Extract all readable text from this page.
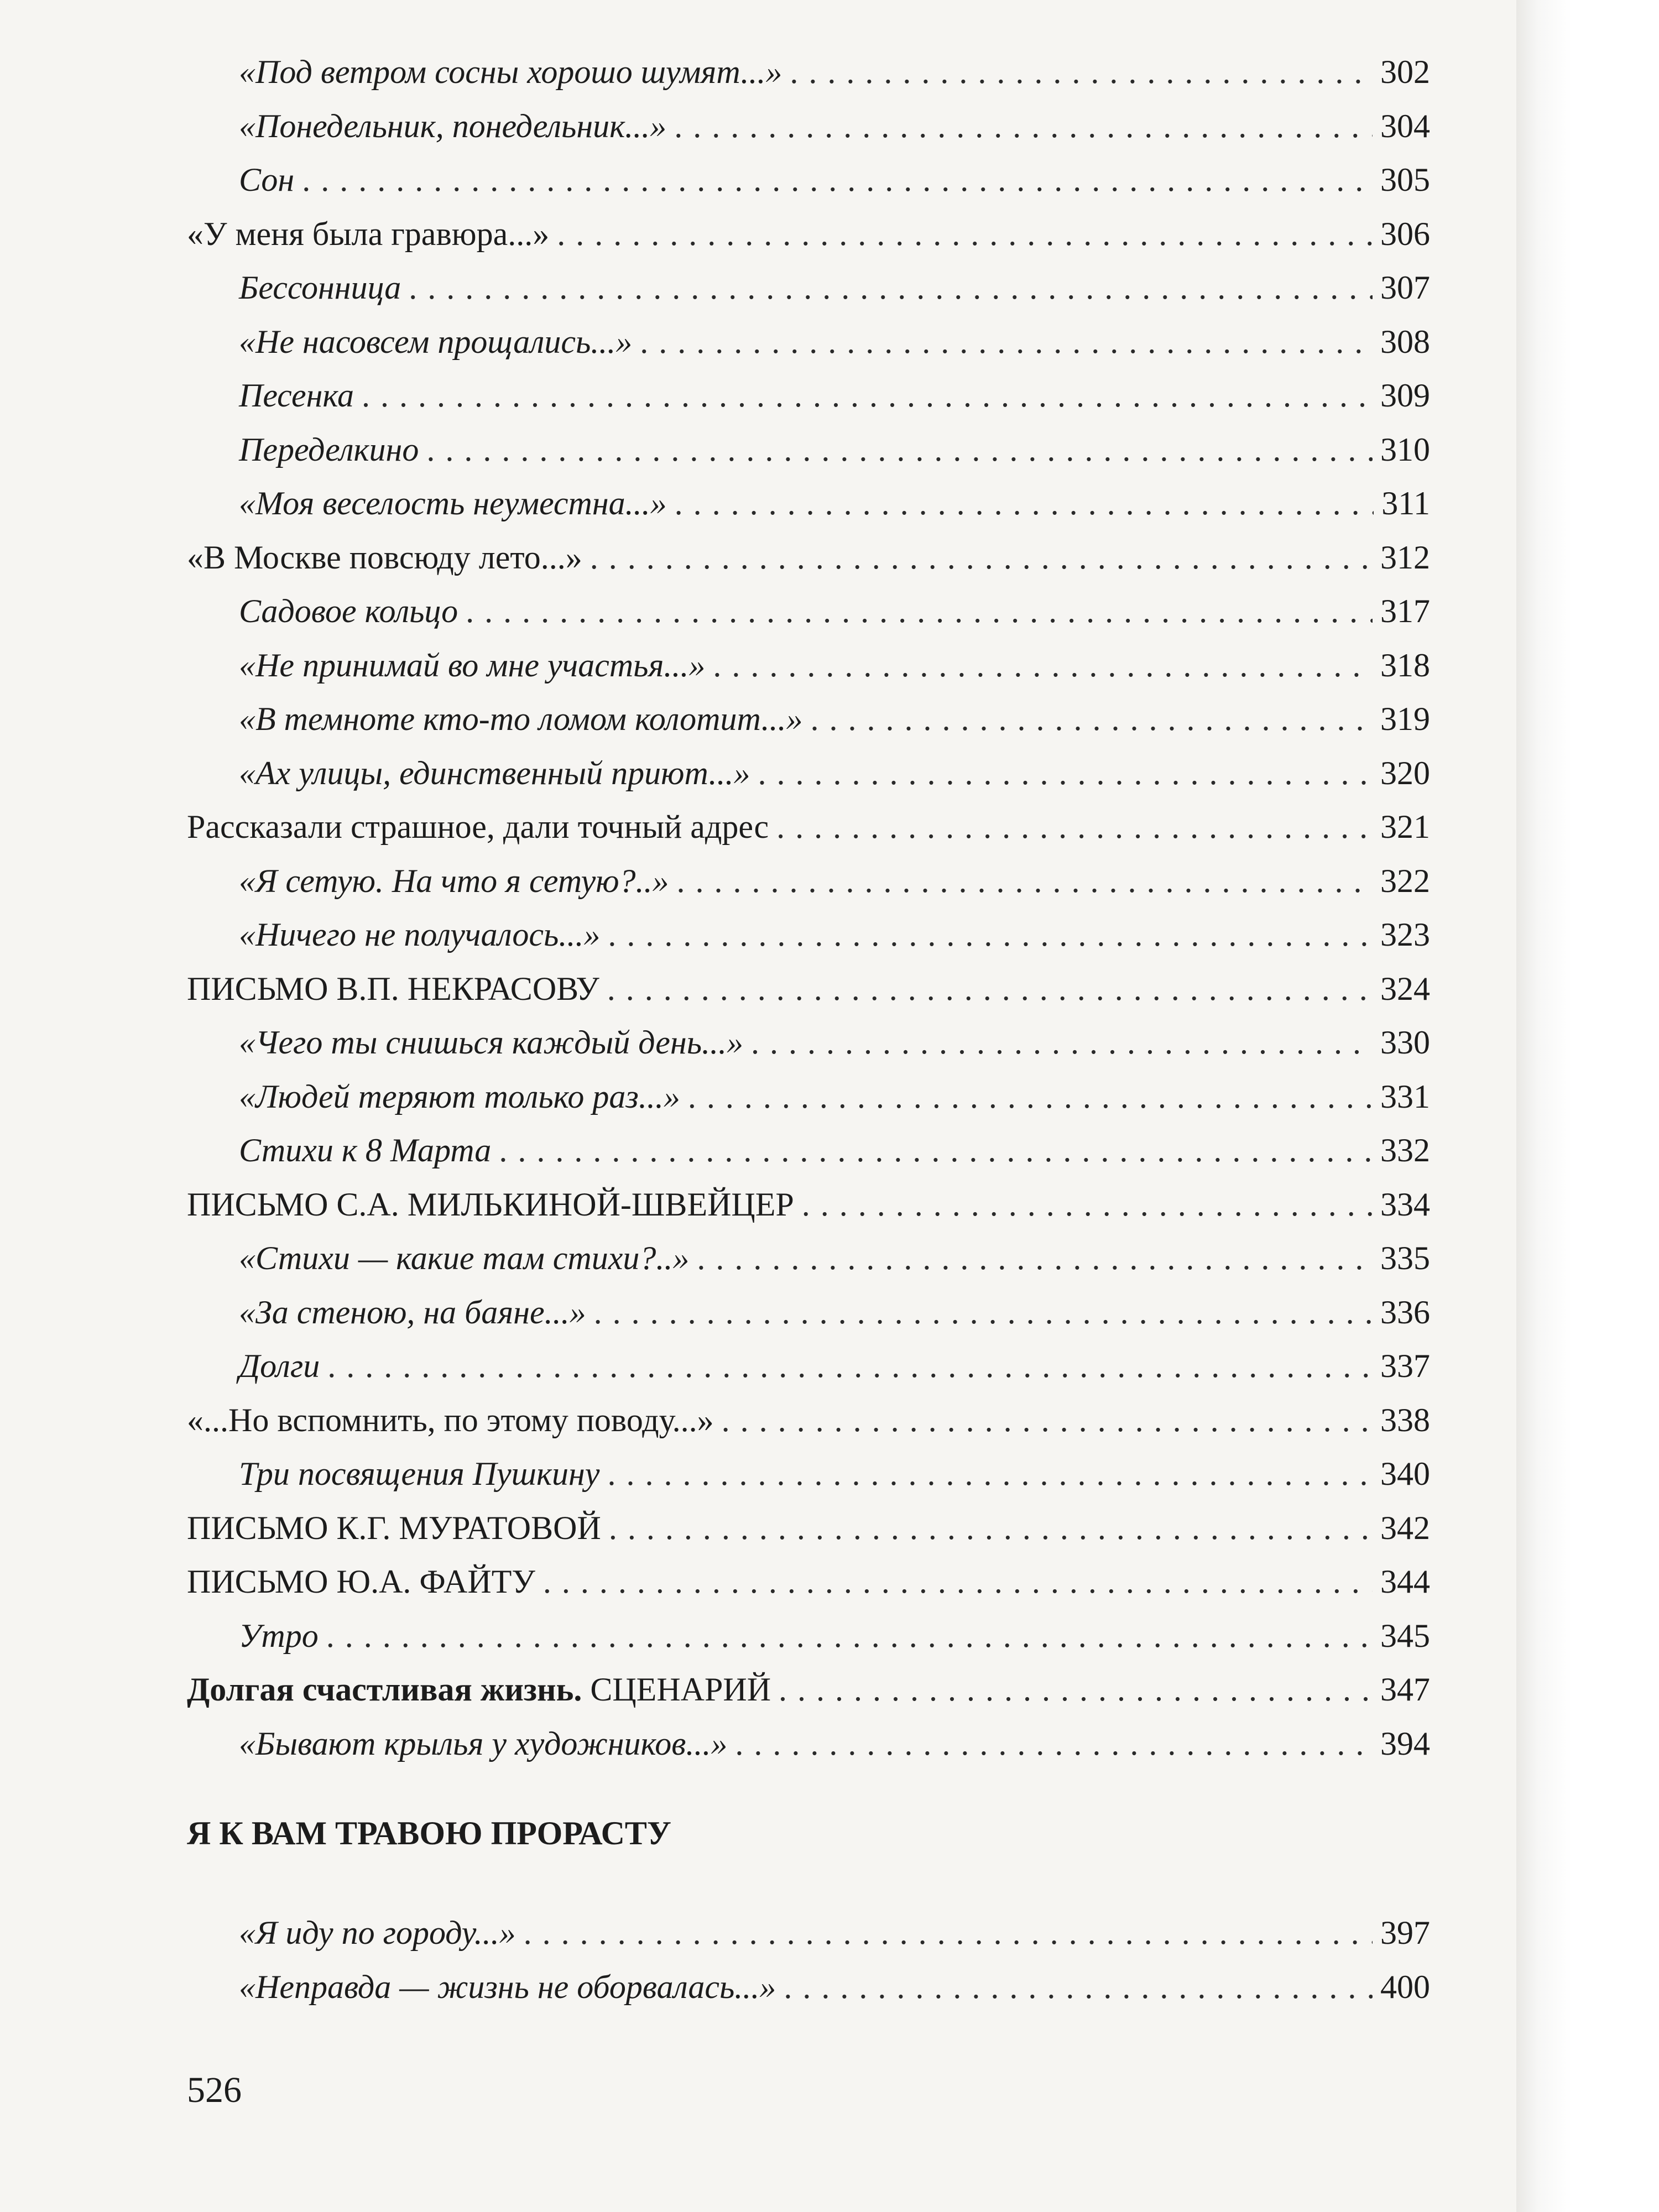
«Под ветром сосны хорошо шумят...» . . .	302
«Понедельник, понедельник...» . . .	304
Сон . . .	305
«У меня была гравюра...» . . .	306
Бессонница . . .	307
«Не насовсем прощались...» . . .	308
Песенка . . .	309
Переделкино . . .	310
«Моя веселость неуместна...» . . .	311
«В Москве повсюду лето...» . . .	312
Садовое кольцо . . .	317
«Не принимай во мне участья...» . . .	318
«В темноте кто-то ломом колотит...» . . .	319
«Ах улицы, единственный приют...» . . .	320
Рассказали страшное, дали точный адрес . . .	321
«Я сетую. На что я сетую?..» . . .	322
«Ничего не получалось...» . . .	323
ПИСЬМО В.П. НЕКРАСОВУ . . .	324
«Чего ты снишься каждый день...» . . .	330
«Людей теряют только раз...» . . .	331
Стихи к 8 Марта . . .	332
ПИСЬМО С.А. МИЛЬКИНОЙ-ШВЕЙЦЕР . . .	334
«Стихи — какие там стихи?..» . . .	335
«За стеною, на баяне...» . . .	336
Долги . . .	337
«...Но вспомнить, по этому поводу...» . . .	338
Три посвящения Пушкину . . .	340
ПИСЬМО К.Г. МУРАТОВОЙ . . .	342
ПИСЬМО Ю.А. ФАЙТУ . . .	344
Утро . . .	345
Долгая счастливая жизнь. СЦЕНАРИЙ . . .	347
«Бывают крылья у художников...» . . .	394
Я К ВАМ ТРАВОЮ ПРОРАСТУ
«Я иду по городу...» . . .	397
«Неправда — жизнь не оборвалась...» . . .	400
526
